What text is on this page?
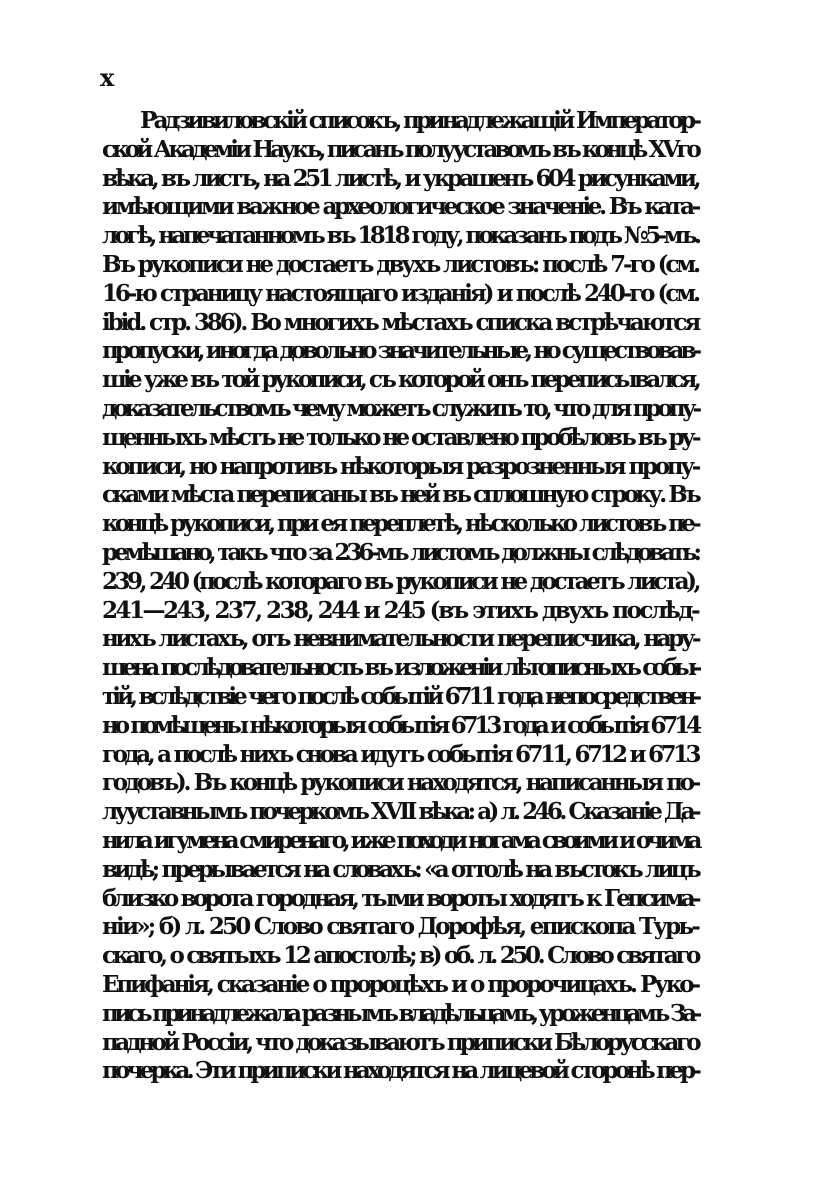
x
Радзивиловскій списокъ, принадлежащій Император-
ской Академіи Наукъ, писанъ полууставомъ въ концѣ XVго
вѣка, въ листъ, на 251 листѣ, и украшенъ 604 рисунками,
имѣющими важное археологическое значеніе. Въ ката-
логѣ, напечатанномъ въ 1818 году, показанъ подъ №5-мъ.
Въ рукописи не достаетъ двухъ листовъ: послѣ 7-го (см.
16-ю страницу настоящаго изданія) и послѣ 240-го (см.
ibid. стр. 386). Во многихъ мѣстахъ списка встрѣчаются
пропуски, иногда довольно значительные, но существовав-
шіе уже въ той рукописи, съ которой онъ переписывался,
доказательствомъ чему можетъ служить то, что для пропу-
щенныхъ мѣстъ не только не оставлено пробѣловъ въ ру-
кописи, но напротивъ нѣкоторыя разрозненныя пропу-
сками мѣста переписаны въ ней въ сплошную строку. Въ
концѣ рукописи, при ея переплетѣ, нѣсколько листовъ пе-
ремѣшано, такъ что за 236-мъ листомъ должны слѣдовать:
239, 240 (послѣ котораго въ рукописи не достаетъ листа),
241—243, 237, 238, 244 и 245 (въ этихъ двухъ послѣд-
нихъ листахъ, отъ невнимательности переписчика, нару-
шена послѣдовательность въ изложеніи лѣтописныхъ собы-
тій, вслѣдствіе чего послѣ событій 6711 года непосредствен-
но помѣщены нѣкоторыя событія 6713 года и событія 6714
года, а послѣ нихъ снова идутъ событія 6711, 6712 и 6713
годовъ). Въ концѣ рукописи находятся, написанныя по-
лууставнымъ почеркомъ XVII вѣка: а) л. 246. Сказаніе Да-
нила игумена смиренаго, иже походи ногама своими и очима
видѣ; прерывается на словахъ: «а оттолѣ на въстокъ лицъ
близко ворота городная, тыми вороты ходятъ к Гепсима-
ніи»; б) л. 250 Слово святаго Дорофѣя, епископа Турь-
скаго, о святыхъ 12 апостолѣ; в) об. л. 250. Слово святаго
Епифанія, сказаніе о пророцѣхъ и о пророчицахъ. Руко-
пись принадлежала разнымъ владѣльцамъ, уроженцамъ За-
падной Россіи, что доказываютъ приписки Бѣлорусскаго
почерка. Эти приписки находятся на лицевой сторонѣ пер-
